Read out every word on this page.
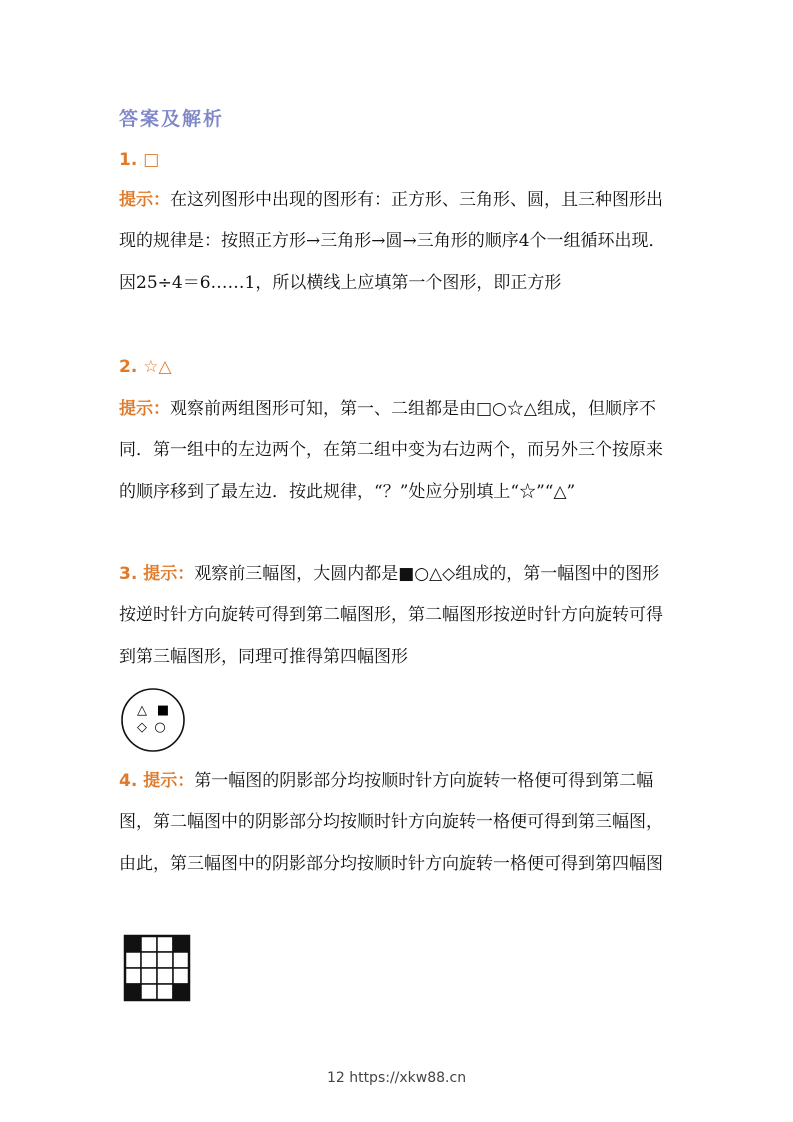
答案及解析
1. □
提示：在这列图形中出现的图形有：正方形、三角形、圆，且三种图形出现的规律是：按照正方形→三角形→圆→三角形的顺序4个一组循环出现．因25÷4＝6……1，所以横线上应填第一个图形，即正方形
2. ☆△
提示：观察前两组图形可知，第一、二组都是由□○☆△组成，但顺序不同．第一组中的左边两个，在第二组中变为右边两个，而另外三个按原来的顺序移到了最左边．按此规律，“？”处应分别填上“☆”“△”
3. 提示：观察前三幅图，大圆内都是■○△◇组成的，第一幅图中的图形按逆时针方向旋转可得到第二幅图形，第二幅图形按逆时针方向旋转可得到第三幅图形，同理可推得第四幅图形
△ ■
◇ ○
4. 提示：第一幅图的阴影部分均按顺时针方向旋转一格便可得到第二幅图，第二幅图中的阴影部分均按顺时针方向旋转一格便可得到第三幅图，由此，第三幅图中的阴影部分均按顺时针方向旋转一格便可得到第四幅图
12 https://xkw88.cn
